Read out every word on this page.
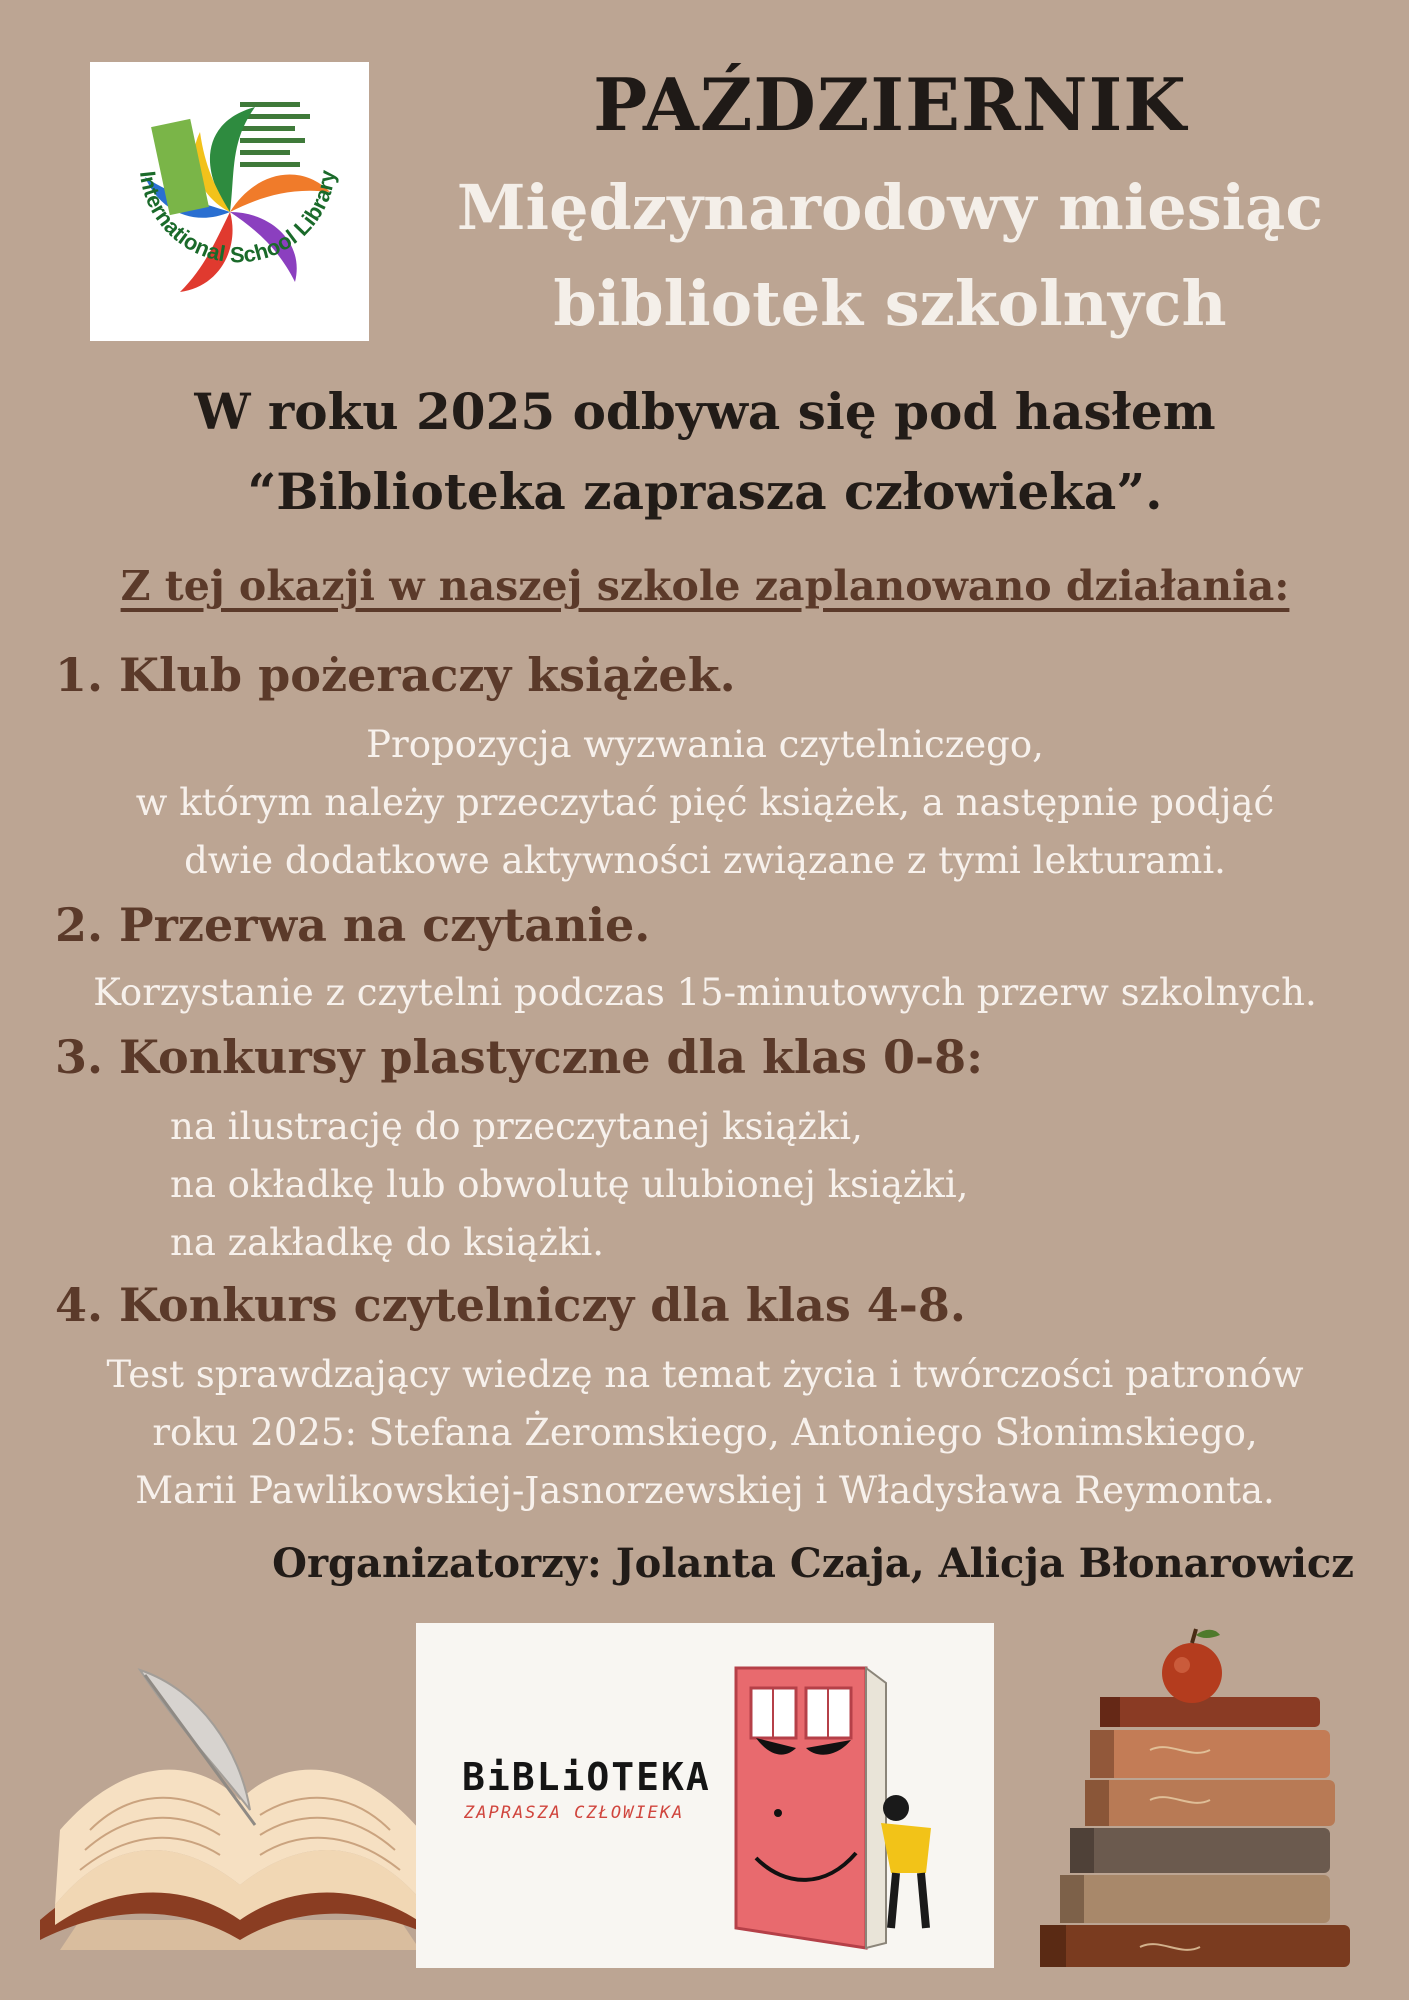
International School Library
PAŹDZIERNIK
Międzynarodowy miesiąc
bibliotek szkolnych
W roku 2025 odbywa się pod hasłem
“Biblioteka zaprasza człowieka”.
Z tej okazji w naszej szkole zaplanowano działania:
1. Klub pożeraczy książek.
Propozycja wyzwania czytelniczego,
w którym należy przeczytać pięć książek, a następnie podjąć
dwie dodatkowe aktywności związane z tymi lekturami.
2. Przerwa na czytanie.
Korzystanie z czytelni podczas 15-minutowych przerw szkolnych.
3. Konkursy plastyczne dla klas 0-8:
na ilustrację do przeczytanej książki,
na okładkę lub obwolutę ulubionej książki,
na zakładkę do książki.
4. Konkurs czytelniczy dla klas 4-8.
Test sprawdzający wiedzę na temat życia i twórczości patronów
roku 2025: Stefana Żeromskiego, Antoniego Słonimskiego,
Marii Pawlikowskiej-Jasnorzewskiej i Władysława Reymonta.
Organizatorzy: Jolanta Czaja, Alicja Błonarowicz
BiBLiOTEKA
ZAPRASZA CZŁOWIEKA
